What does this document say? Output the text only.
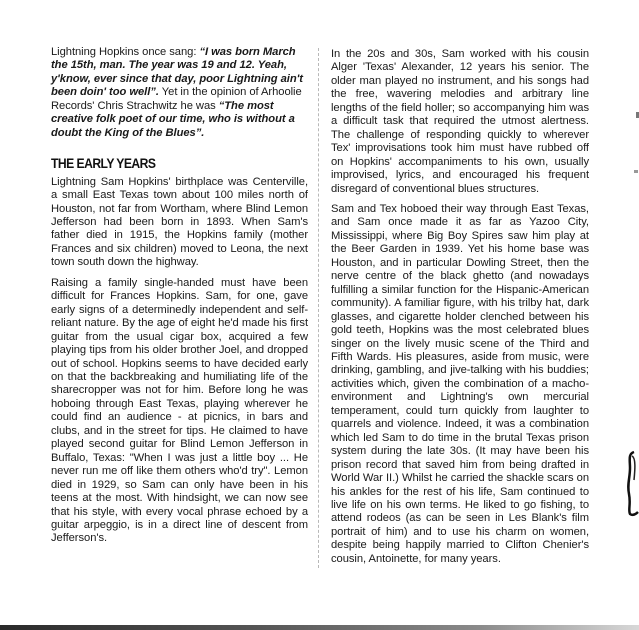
Lightning Hopkins once sang: “I was born March the 15th, man. The year was 19 and 12. Yeah, y'know, ever since that day, poor Lightning ain't been doin' too well”. Yet in the opinion of Arhoolie Records' Chris Strachwitz he was “The most creative folk poet of our time, who is without a doubt the King of the Blues”.

THE EARLY YEARS

Lightning Sam Hopkins' birthplace was Centerville, a small East Texas town about 100 miles north of Houston, not far from Wortham, where Blind Lemon Jefferson had been born in 1893. When Sam's father died in 1915, the Hopkins family (mother Frances and six children) moved to Leona, the next town south down the highway.

Raising a family single-handed must have been difficult for Frances Hopkins. Sam, for one, gave early signs of a determinedly independent and self-reliant nature. By the age of eight he'd made his first guitar from the usual cigar box, acquired a few playing tips from his older brother Joel, and dropped out of school. Hopkins seems to have decided early on that the backbreaking and humiliating life of the sharecropper was not for him. Before long he was hoboing through East Texas, playing wherever he could find an audience - at picnics, in bars and clubs, and in the street for tips. He claimed to have played second guitar for Blind Lemon Jefferson in Buffalo, Texas: "When I was just a little boy ... He never run me off like them others who'd try". Lemon died in 1929, so Sam can only have been in his teens at the most. With hindsight, we can now see that his style, with every vocal phrase echoed by a guitar arpeggio, is in a direct line of descent from Jefferson's.

In the 20s and 30s, Sam worked with his cousin Alger 'Texas' Alexander, 12 years his senior. The older man played no instrument, and his songs had the free, wavering melodies and arbitrary line lengths of the field holler; so accompanying him was a difficult task that required the utmost alertness. The challenge of responding quickly to wherever Tex' improvisations took him must have rubbed off on Hopkins' accompaniments to his own, usually improvised, lyrics, and encouraged his frequent disregard of conventional blues structures.

Sam and Tex hoboed their way through East Texas, and Sam once made it as far as Yazoo City, Mississippi, where Big Boy Spires saw him play at the Beer Garden in 1939. Yet his home base was Houston, and in particular Dowling Street, then the nerve centre of the black ghetto (and nowadays fulfilling a similar function for the Hispanic-American community). A familiar figure, with his trilby hat, dark glasses, and cigarette holder clenched between his gold teeth, Hopkins was the most celebrated blues singer on the lively music scene of the Third and Fifth Wards. His pleasures, aside from music, were drinking, gambling, and jive-talking with his buddies; activities which, given the combination of a macho-environment and Lightning's own mercurial temperament, could turn quickly from laughter to quarrels and violence. Indeed, it was a combination which led Sam to do time in the brutal Texas prison system during the late 30s. (It may have been his prison record that saved him from being drafted in World War II.) Whilst he carried the shackle scars on his ankles for the rest of his life, Sam continued to live life on his own terms. He liked to go fishing, to attend rodeos (as can be seen in Les Blank's film portrait of him) and to use his charm on women, despite being happily married to Clifton Chenier's cousin, Antoinette, for many years.
